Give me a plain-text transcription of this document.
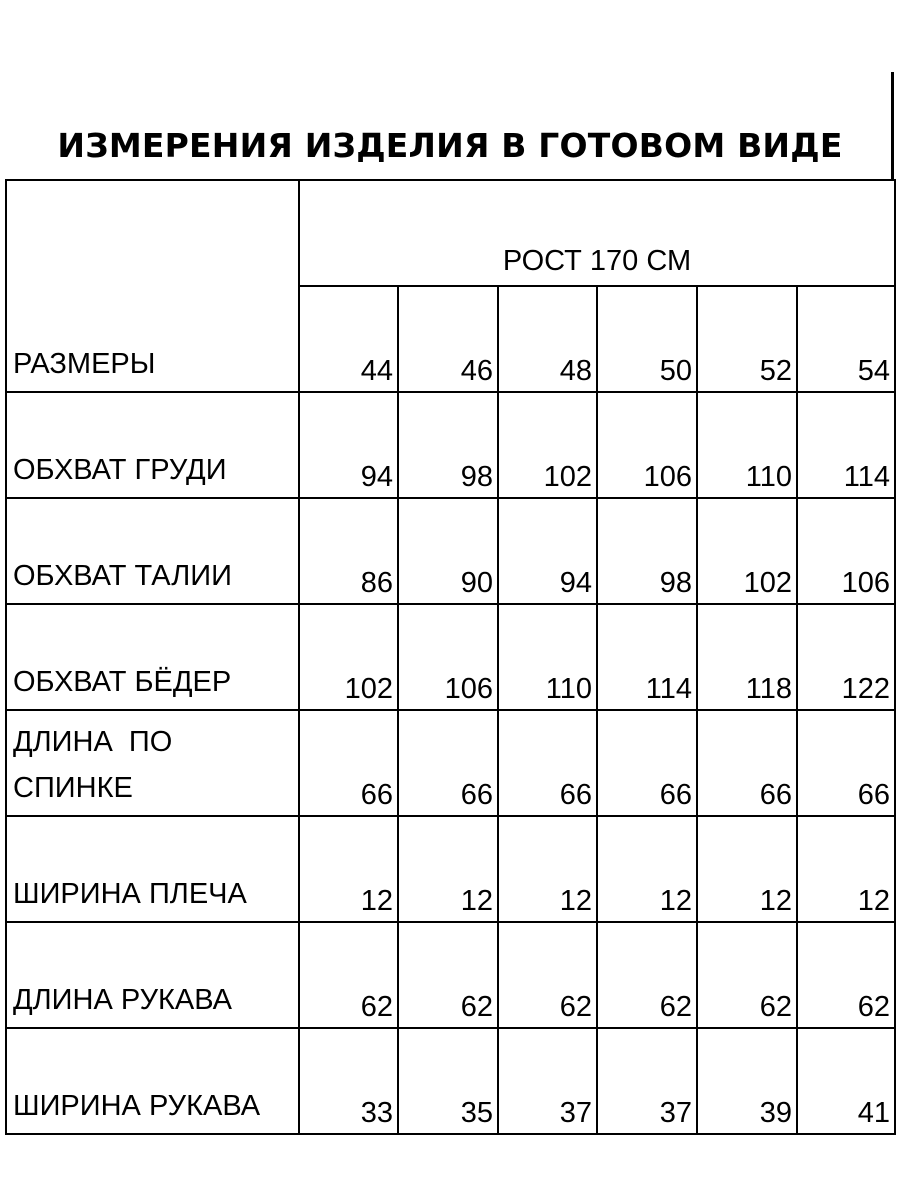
ИЗМЕРЕНИЯ ИЗДЕЛИЯ В ГОТОВОМ ВИДЕ
РАЗМЕРЫ	РОСТ 170 СМ					
	44	46	48	50	52	54

ОБХВАТ ГРУДИ	94	98	102	106	110	114

ОБХВАТ ТАЛИИ	86	90	94	98	102	106

ОБХВАТ БЁДЕР	102	106	110	114	118	122

ДЛИНА  ПО
СПИНКЕ	66	66	66	66	66	66

ШИРИНА ПЛЕЧА	12	12	12	12	12	12

ДЛИНА РУКАВА	62	62	62	62	62	62

ШИРИНА РУКАВА	33	35	37	37	39	41
